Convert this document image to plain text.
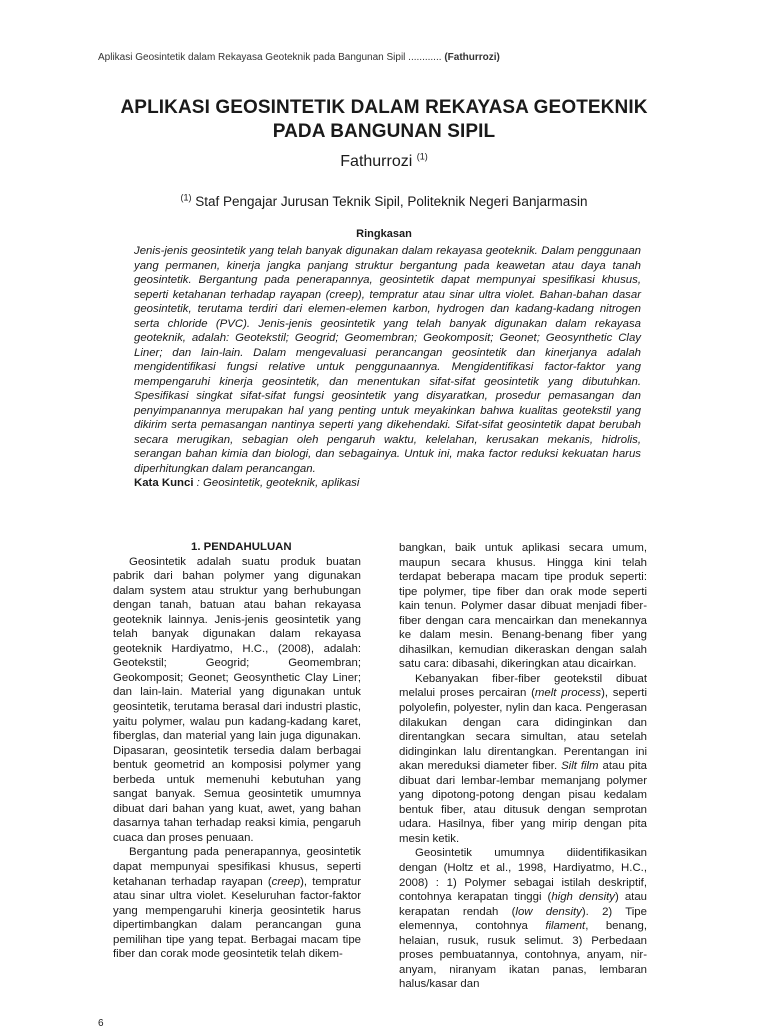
Aplikasi Geosintetik dalam Rekayasa Geoteknik pada Bangunan Sipil ............ (Fathurrozi)
APLIKASI GEOSINTETIK DALAM REKAYASA GEOTEKNIK
PADA BANGUNAN SIPIL
Fathurrozi $^{(1)}$
$^{(1)}$ Staf Pengajar Jurusan Teknik Sipil, Politeknik Negeri Banjarmasin
Ringkasan

Jenis-jenis geosintetik yang telah banyak digunakan dalam rekayasa geoteknik. Dalam penggunaan yang permanen, kinerja jangka panjang struktur bergantung pada keawetan atau daya tanah geosintetik. Bergantung pada penerapannya, geosintetik dapat mempunyai spesifikasi khusus, seperti ketahanan terhadap rayapan (creep), tempratur atau sinar ultra violet. Bahan-bahan dasar geosintetik, terutama terdiri dari elemen-elemen karbon, hydrogen dan kadang-kadang nitrogen serta chloride (PVC). Jenis-jenis geosintetik yang telah banyak digunakan dalam rekayasa geoteknik, adalah: Geotekstil; Geogrid; Geomembran; Geokomposit; Geonet; Geosynthetic Clay Liner; dan lain-lain. Dalam mengevaluasi perancangan geosintetik dan kinerjanya adalah mengidentifikasi fungsi relative untuk penggunaannya. Mengidentifikasi factor-faktor yang mempengaruhi kinerja geosintetik, dan menentukan sifat-sifat geosintetik yang dibutuhkan. Spesifikasi singkat sifat-sifat fungsi geosintetik yang disyaratkan, prosedur pemasangan dan penyimpanannya merupakan hal yang penting untuk meyakinkan bahwa kualitas geotekstil yang dikirim serta pemasangan nantinya seperti yang dikehendaki. Sifat-sifat geosintetik dapat berubah secara merugikan, sebagian oleh pengaruh waktu, kelelahan, kerusakan mekanis, hidrolis, serangan bahan kimia dan biologi, dan sebagainya. Untuk ini, maka factor reduksi kekuatan harus diperhitungkan dalam perancangan.

Kata Kunci : Geosintetik, geoteknik, aplikasi

1. PENDAHULUAN

Geosintetik adalah suatu produk buatan pabrik dari bahan polymer yang digunakan dalam system atau struktur yang berhubungan dengan tanah, batuan atau bahan rekayasa geoteknik lainnya. Jenis-jenis geosintetik yang telah banyak digunakan dalam rekayasa geoteknik Hardiyatmo, H.C., (2008), adalah: Geotekstil; Geogrid; Geomembran; Geokomposit; Geonet; Geosynthetic Clay Liner; dan lain-lain. Material yang digunakan untuk geosintetik, terutama berasal dari industri plastic, yaitu polymer, walau pun kadang-kadang karet, fiberglas, dan material yang lain juga digunakan. Dipasaran, geosintetik tersedia dalam berbagai bentuk geometrid an komposisi polymer yang berbeda untuk memenuhi kebutuhan yang sangat banyak. Semua geosintetik umumnya dibuat dari bahan yang kuat, awet, yang bahan dasarnya tahan terhadap reaksi kimia, pengaruh cuaca dan proses penuaan.

Bergantung pada penerapannya, geosintetik dapat mempunyai spesifikasi khusus, seperti ketahanan terhadap rayapan (creep), tempratur atau sinar ultra violet. Keseluruhan factor-faktor yang mempengaruhi kinerja geosintetik harus dipertimbangkan dalam perancangan guna pemilihan tipe yang tepat. Berbagai macam tipe fiber dan corak mode geosintetik telah dikem-

bangkan, baik untuk aplikasi secara umum, maupun secara khusus. Hingga kini telah terdapat beberapa macam tipe produk seperti: tipe polymer, tipe fiber dan orak mode seperti kain tenun. Polymer dasar dibuat menjadi fiber-fiber dengan cara mencairkan dan menekannya ke dalam mesin. Benang-benang fiber yang dihasilkan, kemudian dikeraskan dengan salah satu cara: dibasahi, dikeringkan atau dicairkan.

Kebanyakan fiber-fiber geotekstil dibuat melalui proses percairan (melt process), seperti polyolefin, polyester, nylin dan kaca. Pengerasan dilakukan dengan cara didinginkan dan direntangkan secara simultan, atau setelah didinginkan lalu direntangkan. Perentangan ini akan mereduksi diameter fiber. Silt film atau pita dibuat dari lembar-lembar memanjang polymer yang dipotong-potong dengan pisau kedalam bentuk fiber, atau ditusuk dengan semprotan udara. Hasilnya, fiber yang mirip dengan pita mesin ketik.

Geosintetik umumnya diidentifikasikan dengan (Holtz et al., 1998, Hardiyatmo, H.C., 2008) : 1) Polymer sebagai istilah deskriptif, contohnya kerapatan tinggi (high density) atau kerapatan rendah (low density). 2) Tipe elemennya, contohnya filament, benang, helaian, rusuk, rusuk selimut. 3) Perbedaan proses pembuatannya, contohnya, anyam, nir-anyam, niranyam ikatan panas, lembaran halus/kasar dan

6
